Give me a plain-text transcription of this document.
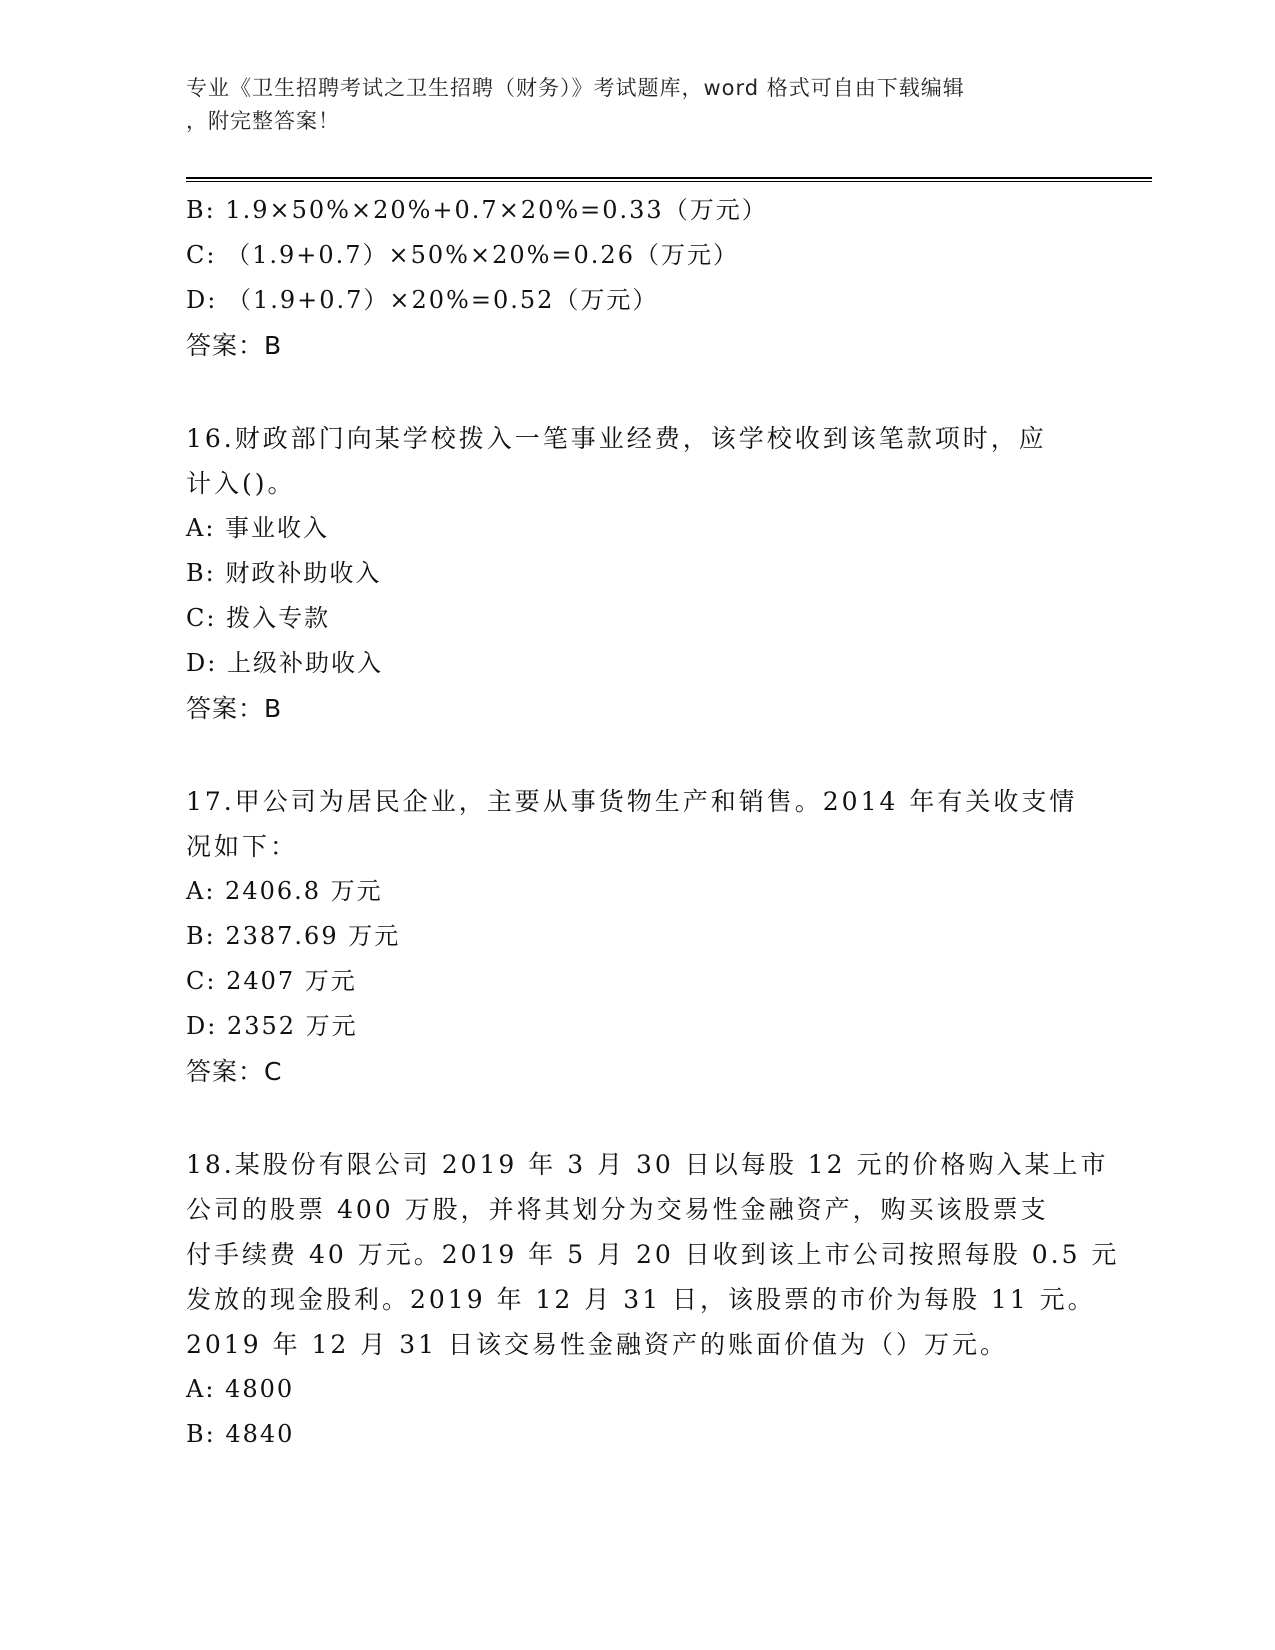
专业《卫生招聘考试之卫生招聘（财务）》考试题库，word 格式可自由下载编辑
，附完整答案！
B: 1.9×50%×20%+0.7×20%=0.33（万元）
C: （1.9+0.7）×50%×20%=0.26（万元）
D: （1.9+0.7）×20%=0.52（万元）
答案：B
16.财政部门向某学校拨入一笔事业经费，该学校收到该笔款项时，应
计入()。
A: 事业收入
B: 财政补助收入
C: 拨入专款
D: 上级补助收入
答案：B
17.甲公司为居民企业，主要从事货物生产和销售。2014 年有关收支情
况如下：
A: 2406.8 万元
B: 2387.69 万元
C: 2407 万元
D: 2352 万元
答案：C
18.某股份有限公司 2019 年 3 月 30 日以每股 12 元的价格购入某上市
公司的股票 400 万股，并将其划分为交易性金融资产，购买该股票支
付手续费 40 万元。2019 年 5 月 20 日收到该上市公司按照每股 0.5 元
发放的现金股利。2019 年 12 月 31 日，该股票的市价为每股 11 元。
2019 年 12 月 31 日该交易性金融资产的账面价值为（）万元。
A: 4800
B: 4840
